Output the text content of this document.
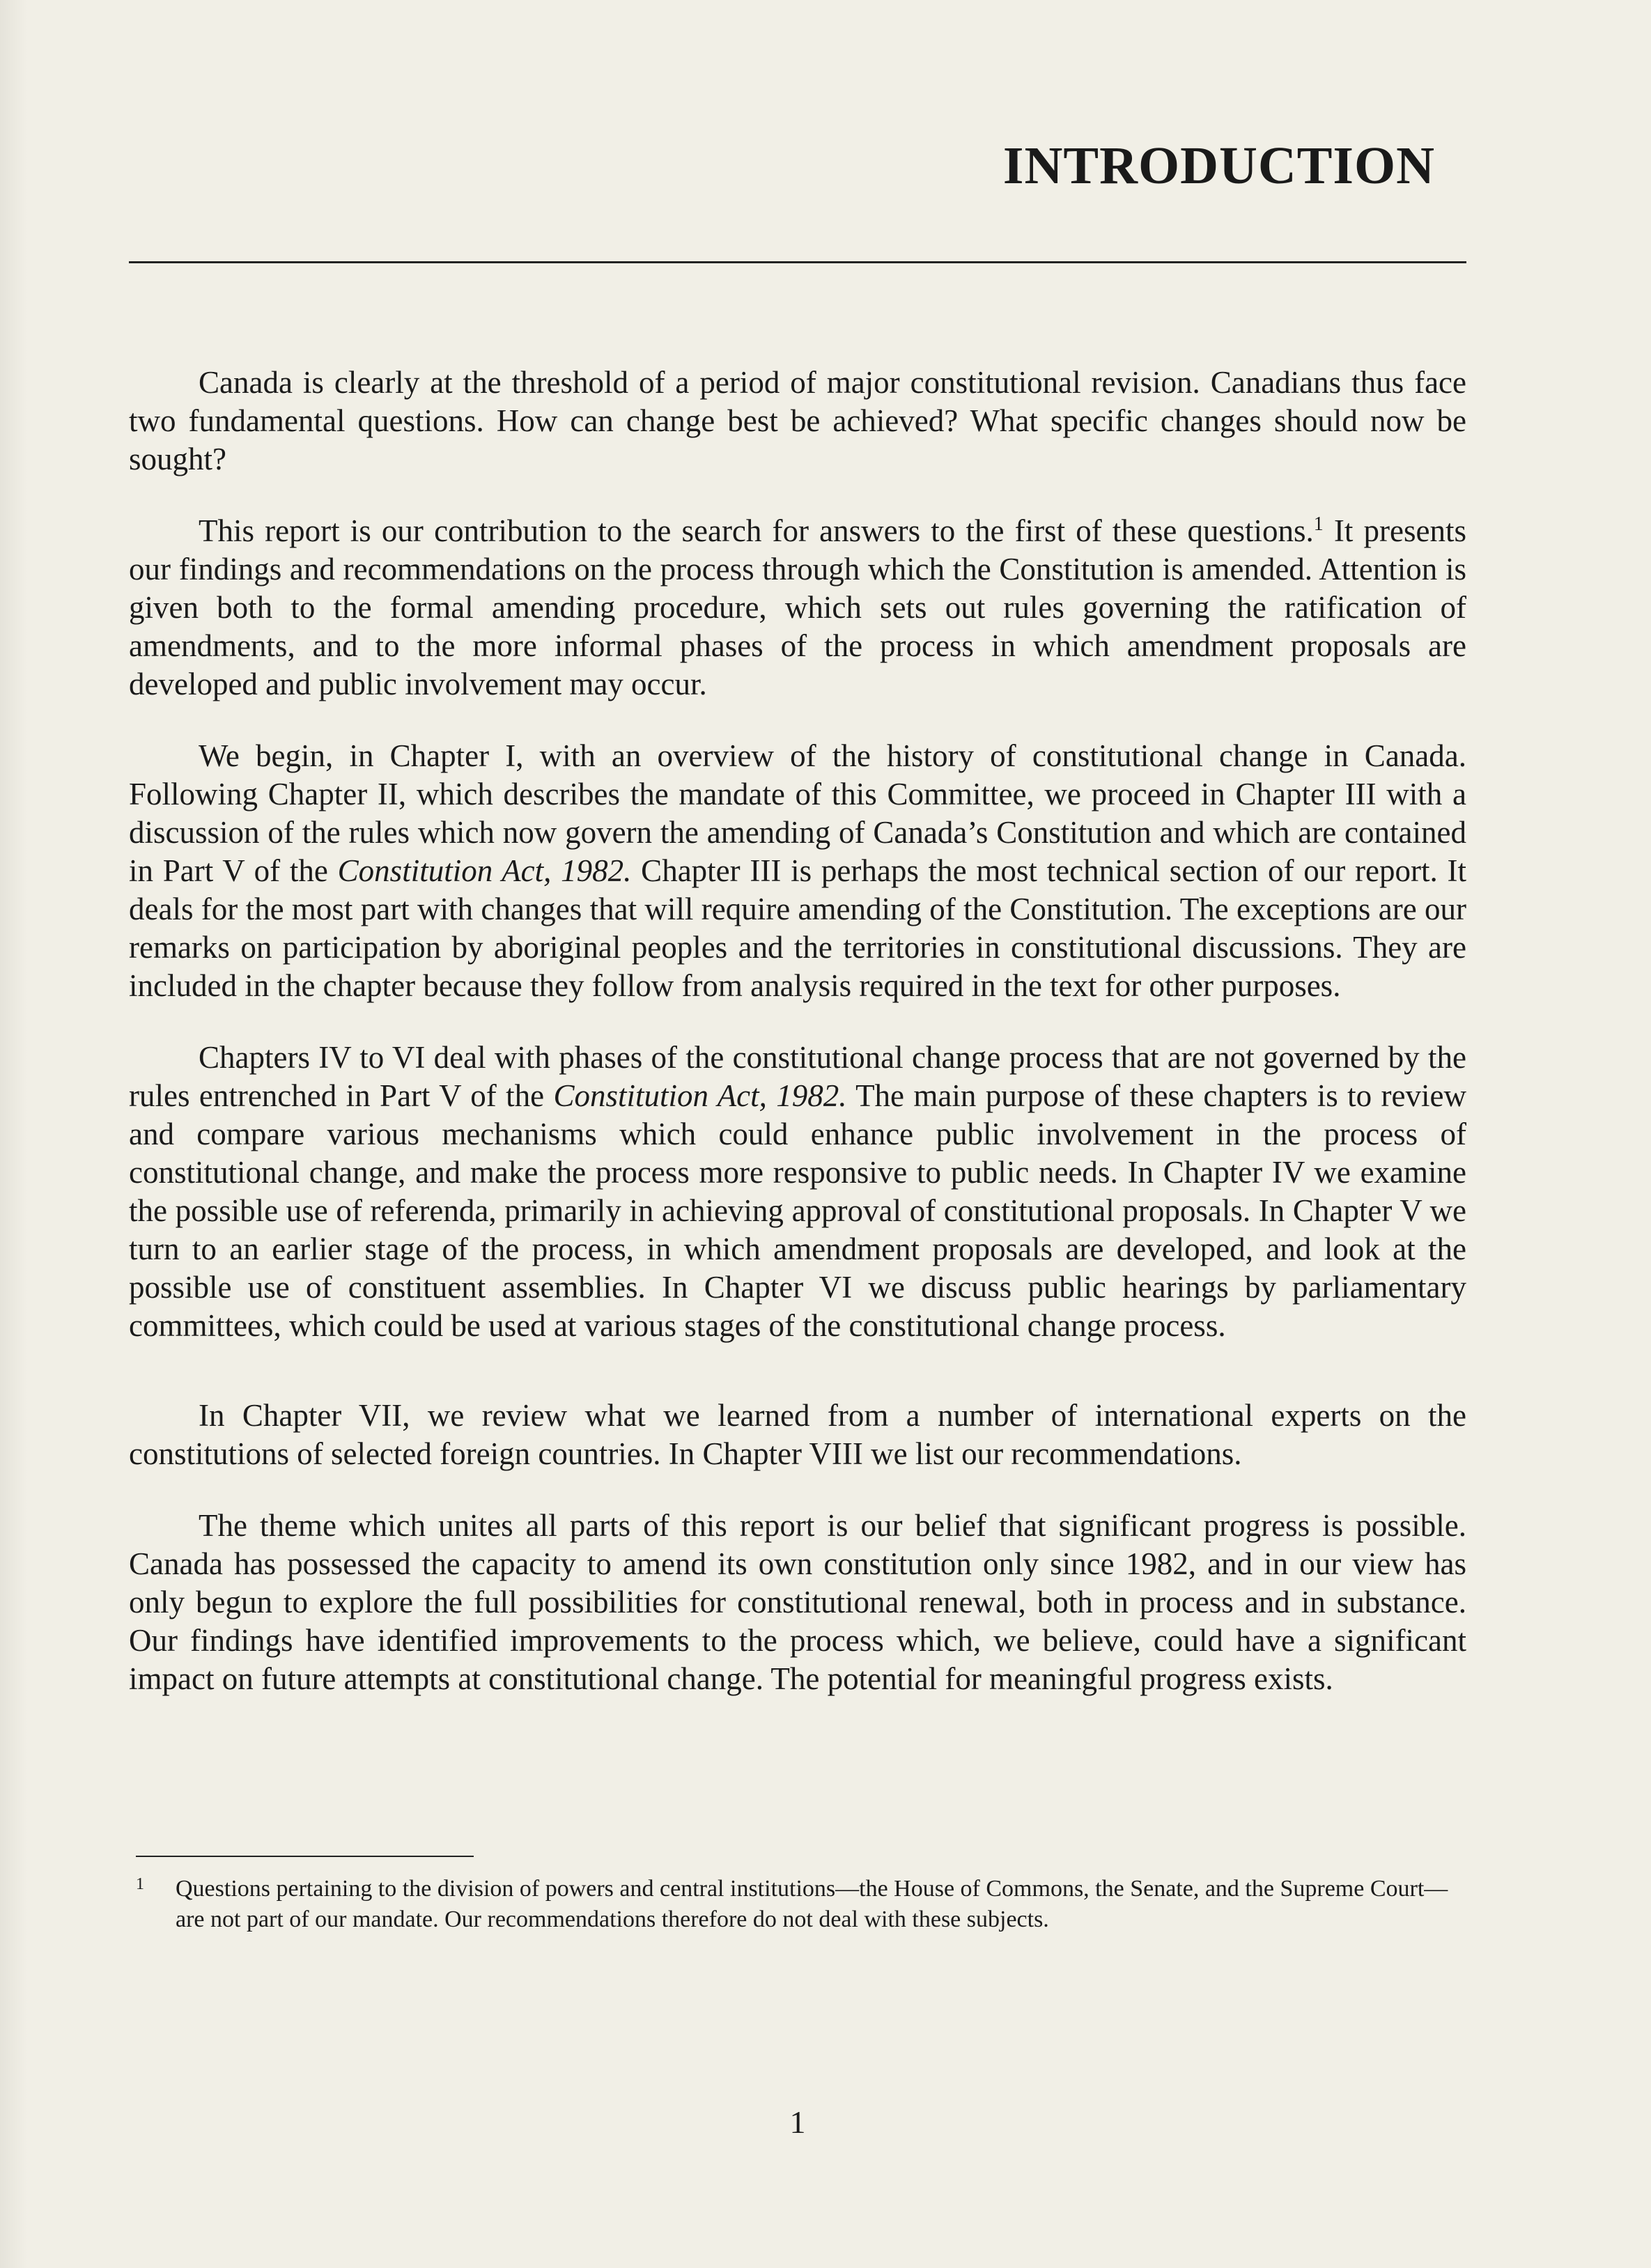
INTRODUCTION

Canada is clearly at the threshold of a period of major constitutional revision. Canadians thus face two fundamental questions. How can change best be achieved? What specific changes should now be sought?

This report is our contribution to the search for answers to the first of these questions.$^1$ It presents our findings and recommendations on the process through which the Constitution is amended. Attention is given both to the formal amending procedure, which sets out rules governing the ratification of amendments, and to the more informal phases of the process in which amendment proposals are developed and public involvement may occur.

We begin, in Chapter I, with an overview of the history of constitutional change in Canada. Following Chapter II, which describes the mandate of this Committee, we proceed in Chapter III with a discussion of the rules which now govern the amending of Canada’s Constitution and which are contained in Part V of the Constitution Act, 1982. Chapter III is perhaps the most technical section of our report. It deals for the most part with changes that will require amending of the Constitution. The exceptions are our remarks on participation by aboriginal peoples and the territories in constitutional discussions. They are included in the chapter because they follow from analysis required in the text for other purposes.

Chapters IV to VI deal with phases of the constitutional change process that are not governed by the rules entrenched in Part V of the Constitution Act, 1982. The main purpose of these chapters is to review and compare various mechanisms which could enhance public involvement in the process of constitutional change, and make the process more responsive to public needs. In Chapter IV we examine the possible use of referenda, primarily in achieving approval of constitutional proposals. In Chapter V we turn to an earlier stage of the process, in which amendment proposals are developed, and look at the possible use of constituent assemblies. In Chapter VI we discuss public hearings by parliamentary committees, which could be used at various stages of the constitutional change process.

In Chapter VII, we review what we learned from a number of international experts on the constitutions of selected foreign countries. In Chapter VIII we list our recommendations.

The theme which unites all parts of this report is our belief that significant progress is possible. Canada has possessed the capacity to amend its own constitution only since 1982, and in our view has only begun to explore the full possibilities for constitutional renewal, both in process and in substance. Our findings have identified improvements to the process which, we believe, could have a significant impact on future attempts at constitutional change. The potential for meaningful progress exists.

1	Questions pertaining to the division of powers and central institutions—the House of Commons, the Senate, and the Supreme Court—are not part of our mandate. Our recommendations therefore do not deal with these subjects.
1
